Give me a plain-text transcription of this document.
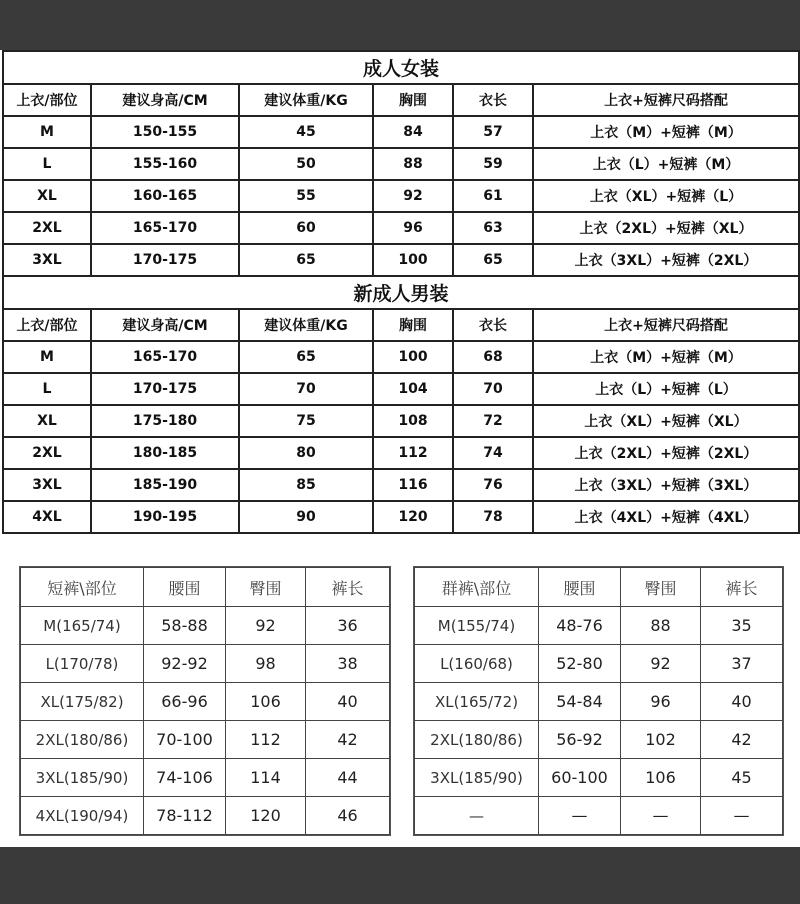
成人女装					
上衣/部位	建议身高/CM	建议体重/KG	胸围	衣长	上衣+短裤尺码搭配
M	150-155	45	84	57	上衣（M）+短裤（M）
L	155-160	50	88	59	上衣（L）+短裤（M）
XL	160-165	55	92	61	上衣（XL）+短裤（L）
2XL	165-170	60	96	63	上衣（2XL）+短裤（XL）
3XL	170-175	65	100	65	上衣（3XL）+短裤（2XL）
新成人男装					
上衣/部位	建议身高/CM	建议体重/KG	胸围	衣长	上衣+短裤尺码搭配
M	165-170	65	100	68	上衣（M）+短裤（M）
L	170-175	70	104	70	上衣（L）+短裤（L）
XL	175-180	75	108	72	上衣（XL）+短裤（XL）
2XL	180-185	80	112	74	上衣（2XL）+短裤（2XL）
3XL	185-190	85	116	76	上衣（3XL）+短裤（3XL）
4XL	190-195	90	120	78	上衣（4XL）+短裤（4XL）
短裤\部位	腰围	臀围	裤长
M(165/74)	58-88	92	36
L(170/78)	92-92	98	38
XL(175/82)	66-96	106	40
2XL(180/86)	70-100	112	42
3XL(185/90)	74-106	114	44
4XL(190/94)	78-112	120	46
群裤\部位	腰围	臀围	裤长
M(155/74)	48-76	88	35
L(160/68)	52-80	92	37
XL(165/72)	54-84	96	40
2XL(180/86)	56-92	102	42
3XL(185/90)	60-100	106	45
—	—	—	—
